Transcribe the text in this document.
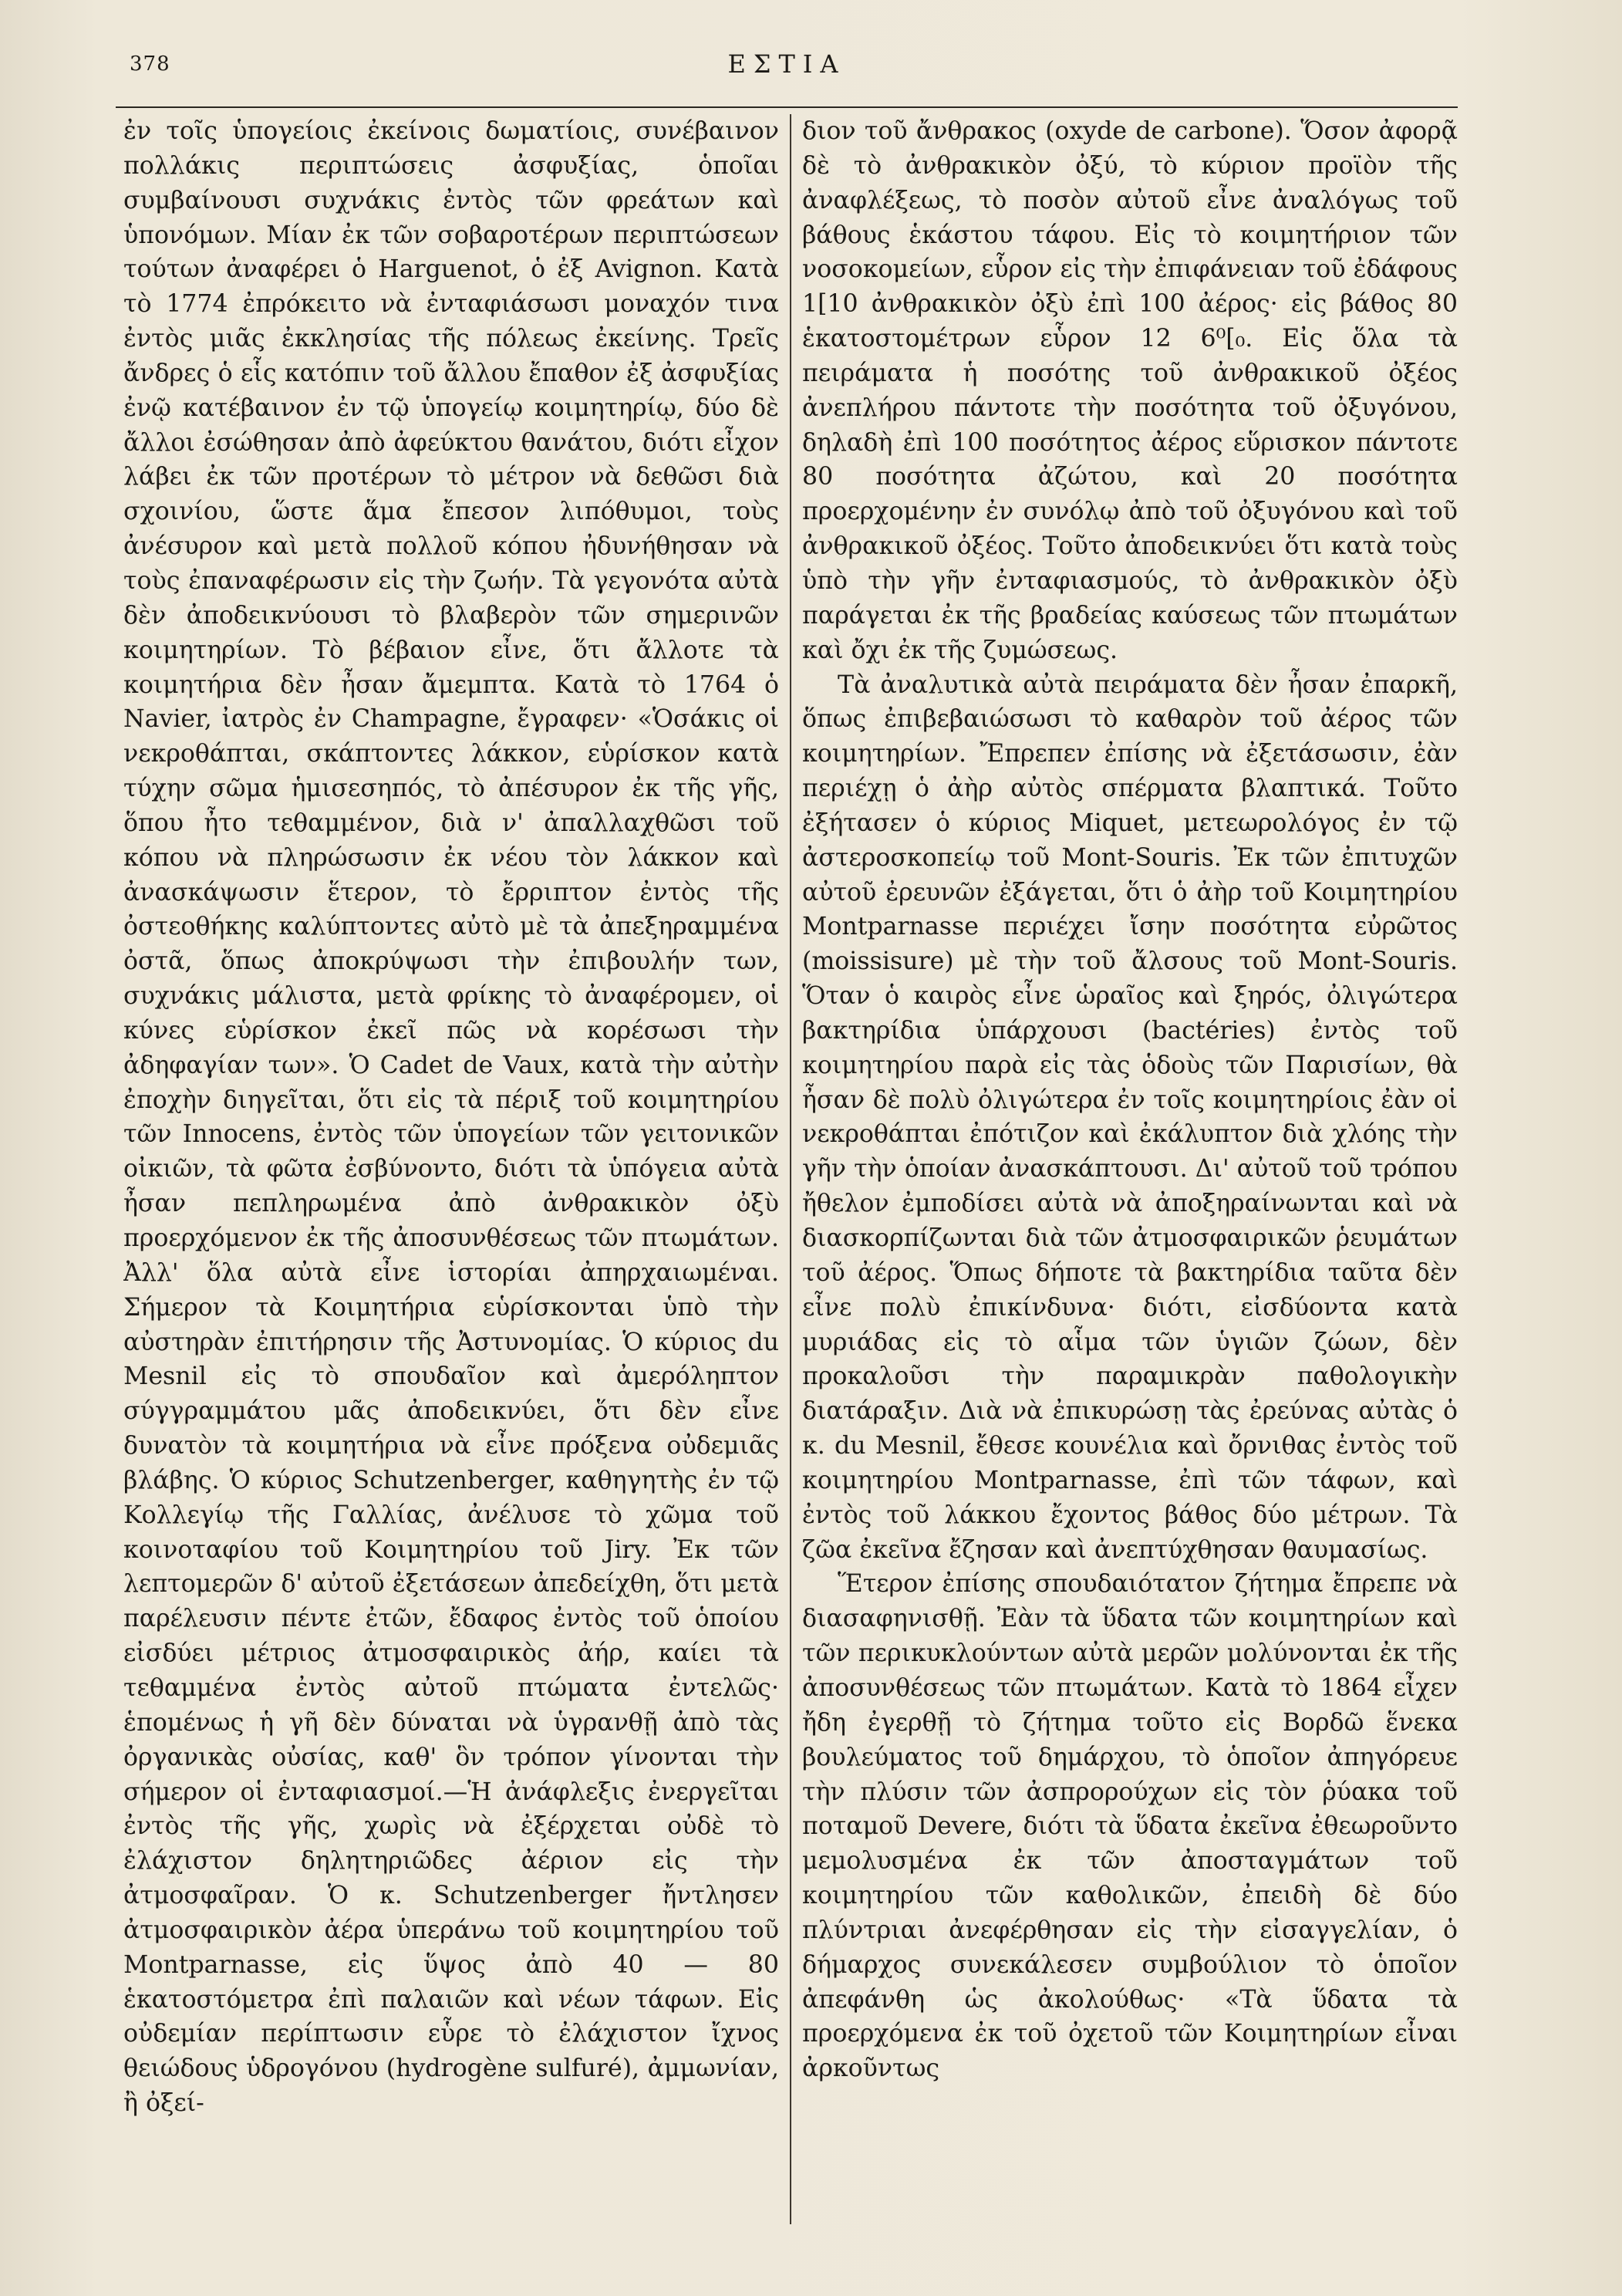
378	ΕΣΤΙΑ

ἐν τοῖς ὑπογείοις ἐκείνοις δωματίοις, συνέβαινον πολλάκις περιπτώσεις ἀσφυξίας, ὁποῖαι συμβαίνουσι συχνάκις ἐντὸς τῶν φρεάτων καὶ ὑπονόμων. Μίαν ἐκ τῶν σοβαροτέρων περιπτώσεων τούτων ἀναφέρει ὁ Harguenot, ὁ ἐξ Avignon. Κατὰ τὸ 1774 ἐπρόκειτο νὰ ἐνταφιάσωσι μοναχόν τινα ἐντὸς μιᾶς ἐκκλησίας τῆς πόλεως ἐκείνης. Τρεῖς ἄνδρες ὁ εἷς κατόπιν τοῦ ἄλλου ἔπαθον ἐξ ἀσφυξίας ἐνῷ κατέβαινον ἐν τῷ ὑπογείῳ κοιμητηρίῳ, δύο δὲ ἄλλοι ἐσώθησαν ἀπὸ ἀφεύκτου θανάτου, διότι εἶχον λάβει ἐκ τῶν προτέρων τὸ μέτρον νὰ δεθῶσι διὰ σχοινίου, ὥστε ἅμα ἔπεσον λιπόθυμοι, τοὺς ἀνέσυρον καὶ μετὰ πολλοῦ κόπου ἠδυνήθησαν νὰ τοὺς ἐπαναφέρωσιν εἰς τὴν ζωήν. Τὰ γεγονότα αὐτὰ δὲν ἀποδεικνύουσι τὸ βλαβερὸν τῶν σημερινῶν κοιμητηρίων. Τὸ βέβαιον εἶνε, ὅτι ἄλλοτε τὰ κοιμητήρια δὲν ἦσαν ἄμεμπτα. Κατὰ τὸ 1764 ὁ Navier, ἰατρὸς ἐν Champagne, ἔγραφεν· «Ὁσάκις οἱ νεκροθάπται, σκάπτοντες λάκκον, εὑρίσκον κατὰ τύχην σῶμα ἡμισεσηπός, τὸ ἀπέσυρον ἐκ τῆς γῆς, ὅπου ἦτο τεθαμμένον, διὰ ν' ἀπαλλαχθῶσι τοῦ κόπου νὰ πληρώσωσιν ἐκ νέου τὸν λάκκον καὶ ἀνασκάψωσιν ἕτερον, τὸ ἔρριπτον ἐντὸς τῆς ὀστεοθήκης καλύπτοντες αὐτὸ μὲ τὰ ἀπεξηραμμένα ὀστᾶ, ὅπως ἀποκρύψωσι τὴν ἐπιβουλήν των, συχνάκις μάλιστα, μετὰ φρίκης τὸ ἀναφέρομεν, οἱ κύνες εὑρίσκον ἐκεῖ πῶς νὰ κορέσωσι τὴν ἀδηφαγίαν των». Ὁ Cadet de Vaux, κατὰ τὴν αὐτὴν ἐποχὴν διηγεῖται, ὅτι εἰς τὰ πέριξ τοῦ κοιμητηρίου τῶν Innocens, ἐντὸς τῶν ὑπογείων τῶν γειτονικῶν οἰκιῶν, τὰ φῶτα ἐσβύνοντο, διότι τὰ ὑπόγεια αὐτὰ ἦσαν πεπληρωμένα ἀπὸ ἀνθρακικὸν ὀξὺ προερχόμενον ἐκ τῆς ἀποσυνθέσεως τῶν πτωμάτων. Ἀλλ' ὅλα αὐτὰ εἶνε ἱστορίαι ἀπηρχαιωμέναι. Σήμερον τὰ Κοιμητήρια εὑρίσκονται ὑπὸ τὴν αὐστηρὰν ἐπιτήρησιν τῆς Ἀστυνομίας. Ὁ κύριος du Mesnil εἰς τὸ σπουδαῖον καὶ ἀμερόληπτον σύγγραμμάτου μᾶς ἀποδεικνύει, ὅτι δὲν εἶνε δυνατὸν τὰ κοιμητήρια νὰ εἶνε πρόξενα οὐδεμιᾶς βλάβης. Ὁ κύριος Schutzenberger, καθηγητὴς ἐν τῷ Κολλεγίῳ τῆς Γαλλίας, ἀνέλυσε τὸ χῶμα τοῦ κοινοταφίου τοῦ Κοιμητηρίου τοῦ Jiry. Ἐκ τῶν λεπτομερῶν δ' αὐτοῦ ἐξετάσεων ἀπεδείχθη, ὅτι μετὰ παρέλευσιν πέντε ἐτῶν, ἔδαφος ἐντὸς τοῦ ὁποίου εἰσδύει μέτριος ἀτμοσφαιρικὸς ἀήρ, καίει τὰ τεθαμμένα ἐντὸς αὐτοῦ πτώματα ἐντελῶς· ἑπομένως ἡ γῆ δὲν δύναται νὰ ὑγρανθῇ ἀπὸ τὰς ὀργανικὰς οὐσίας, καθ' ὃν τρόπον γίνονται τὴν σήμερον οἱ ἐνταφιασμοί.—Ἡ ἀνάφλεξις ἐνεργεῖται ἐντὸς τῆς γῆς, χωρὶς νὰ ἐξέρχεται οὐδὲ τὸ ἐλάχιστον δηλητηριῶδες ἀέριον εἰς τὴν ἀτμοσφαῖραν. Ὁ κ. Schutzenberger ἤντλησεν ἀτμοσφαιρικὸν ἀέρα ὑπεράνω τοῦ κοιμητηρίου τοῦ Montparnasse, εἰς ὕψος ἀπὸ 40 — 80 ἑκατοστόμετρα ἐπὶ παλαιῶν καὶ νέων τάφων. Εἰς οὐδεμίαν περίπτωσιν εὗρε τὸ ἐλάχιστον ἴχνος θειώδους ὑδρογόνου (hydrogène sulfuré), ἀμμωνίαν, ἢ ὀξεί-

διον τοῦ ἄνθρακος (oxyde de carbone). Ὅσον ἀφορᾷ δὲ τὸ ἀνθρακικὸν ὀξύ, τὸ κύριον προϊὸν τῆς ἀναφλέξεως, τὸ ποσὸν αὐτοῦ εἶνε ἀναλόγως τοῦ βάθους ἑκάστου τάφου. Εἰς τὸ κοιμητήριον τῶν νοσοκομείων, εὗρον εἰς τὴν ἐπιφάνειαν τοῦ ἐδάφους 1[10 ἀνθρακικὸν ὀξὺ ἐπὶ 100 ἀέρος· εἰς βάθος 80 ἑκατοστομέτρων εὗρον 12 6⁰[₀. Εἰς ὅλα τὰ πειράματα ἡ ποσότης τοῦ ἀνθρακικοῦ ὀξέος ἀνεπλήρου πάντοτε τὴν ποσότητα τοῦ ὀξυγόνου, δηλαδὴ ἐπὶ 100 ποσότητος ἀέρος εὕρισκον πάντοτε 80 ποσότητα ἀζώτου, καὶ 20 ποσότητα προερχομένην ἐν συνόλῳ ἀπὸ τοῦ ὀξυγόνου καὶ τοῦ ἀνθρακικοῦ ὀξέος. Τοῦτο ἀποδεικνύει ὅτι κατὰ τοὺς ὑπὸ τὴν γῆν ἐνταφιασμούς, τὸ ἀνθρακικὸν ὀξὺ παράγεται ἐκ τῆς βραδείας καύσεως τῶν πτωμάτων καὶ ὄχι ἐκ τῆς ζυμώσεως.

Τὰ ἀναλυτικὰ αὐτὰ πειράματα δὲν ἦσαν ἐπαρκῆ, ὅπως ἐπιβεβαιώσωσι τὸ καθαρὸν τοῦ ἀέρος τῶν κοιμητηρίων. Ἔπρεπεν ἐπίσης νὰ ἐξετάσωσιν, ἐὰν περιέχῃ ὁ ἀὴρ αὐτὸς σπέρματα βλαπτικά. Τοῦτο ἐξήτασεν ὁ κύριος Miquet, μετεωρολόγος ἐν τῷ ἀστεροσκοπείῳ τοῦ Mont-Souris. Ἐκ τῶν ἐπιτυχῶν αὐτοῦ ἐρευνῶν ἐξάγεται, ὅτι ὁ ἀὴρ τοῦ Κοιμητηρίου Montparnasse περιέχει ἴσην ποσότητα εὐρῶτος (moissisure) μὲ τὴν τοῦ ἄλσους τοῦ Mont-Souris. Ὅταν ὁ καιρὸς εἶνε ὡραῖος καὶ ξηρός, ὀλιγώτερα βακτηρίδια ὑπάρχουσι (bactéries) ἐντὸς τοῦ κοιμητηρίου παρὰ εἰς τὰς ὁδοὺς τῶν Παρισίων, θὰ ἦσαν δὲ πολὺ ὀλιγώτερα ἐν τοῖς κοιμητηρίοις ἐὰν οἱ νεκροθάπται ἐπότιζον καὶ ἐκάλυπτον διὰ χλόης τὴν γῆν τὴν ὁποίαν ἀνασκάπτουσι. Δι' αὐτοῦ τοῦ τρόπου ἤθελον ἐμποδίσει αὐτὰ νὰ ἀποξηραίνωνται καὶ νὰ διασκορπίζωνται διὰ τῶν ἀτμοσφαιρικῶν ῥευμάτων τοῦ ἀέρος. Ὅπως δήποτε τὰ βακτηρίδια ταῦτα δὲν εἶνε πολὺ ἐπικίνδυνα· διότι, εἰσδύοντα κατὰ μυριάδας εἰς τὸ αἷμα τῶν ὑγιῶν ζώων, δὲν προκαλοῦσι τὴν παραμικρὰν παθολογικὴν διατάραξιν. Διὰ νὰ ἐπικυρώσῃ τὰς ἐρεύνας αὐτὰς ὁ κ. du Mesnil, ἔθεσε κουνέλια καὶ ὄρνιθας ἐντὸς τοῦ κοιμητηρίου Montparnasse, ἐπὶ τῶν τάφων, καὶ ἐντὸς τοῦ λάκκου ἔχοντος βάθος δύο μέτρων. Τὰ ζῶα ἐκεῖνα ἔζησαν καὶ ἀνεπτύχθησαν θαυμασίως.

Ἕτερον ἐπίσης σπουδαιότατον ζήτημα ἔπρεπε νὰ διασαφηνισθῇ. Ἐὰν τὰ ὕδατα τῶν κοιμητηρίων καὶ τῶν περικυκλούντων αὐτὰ μερῶν μολύνονται ἐκ τῆς ἀποσυνθέσεως τῶν πτωμάτων. Κατὰ τὸ 1864 εἶχεν ἤδη ἐγερθῇ τὸ ζήτημα τοῦτο εἰς Βορδῶ ἕνεκα βουλεύματος τοῦ δημάρχου, τὸ ὁποῖον ἀπηγόρευε τὴν πλύσιν τῶν ἀσπρορούχων εἰς τὸν ῥύακα τοῦ ποταμοῦ Devere, διότι τὰ ὕδατα ἐκεῖνα ἐθεωροῦντο μεμολυσμένα ἐκ τῶν ἀποσταγμάτων τοῦ κοιμητηρίου τῶν καθολικῶν, ἐπειδὴ δὲ δύο πλύντριαι ἀνεφέρθησαν εἰς τὴν εἰσαγγελίαν, ὁ δήμαρχος συνεκάλεσεν συμβούλιον τὸ ὁποῖον ἀπεφάνθη ὡς ἀκολούθως· «Τὰ ὕδατα τὰ προερχόμενα ἐκ τοῦ ὀχετοῦ τῶν Κοιμητηρίων εἶναι ἀρκοῦντως
